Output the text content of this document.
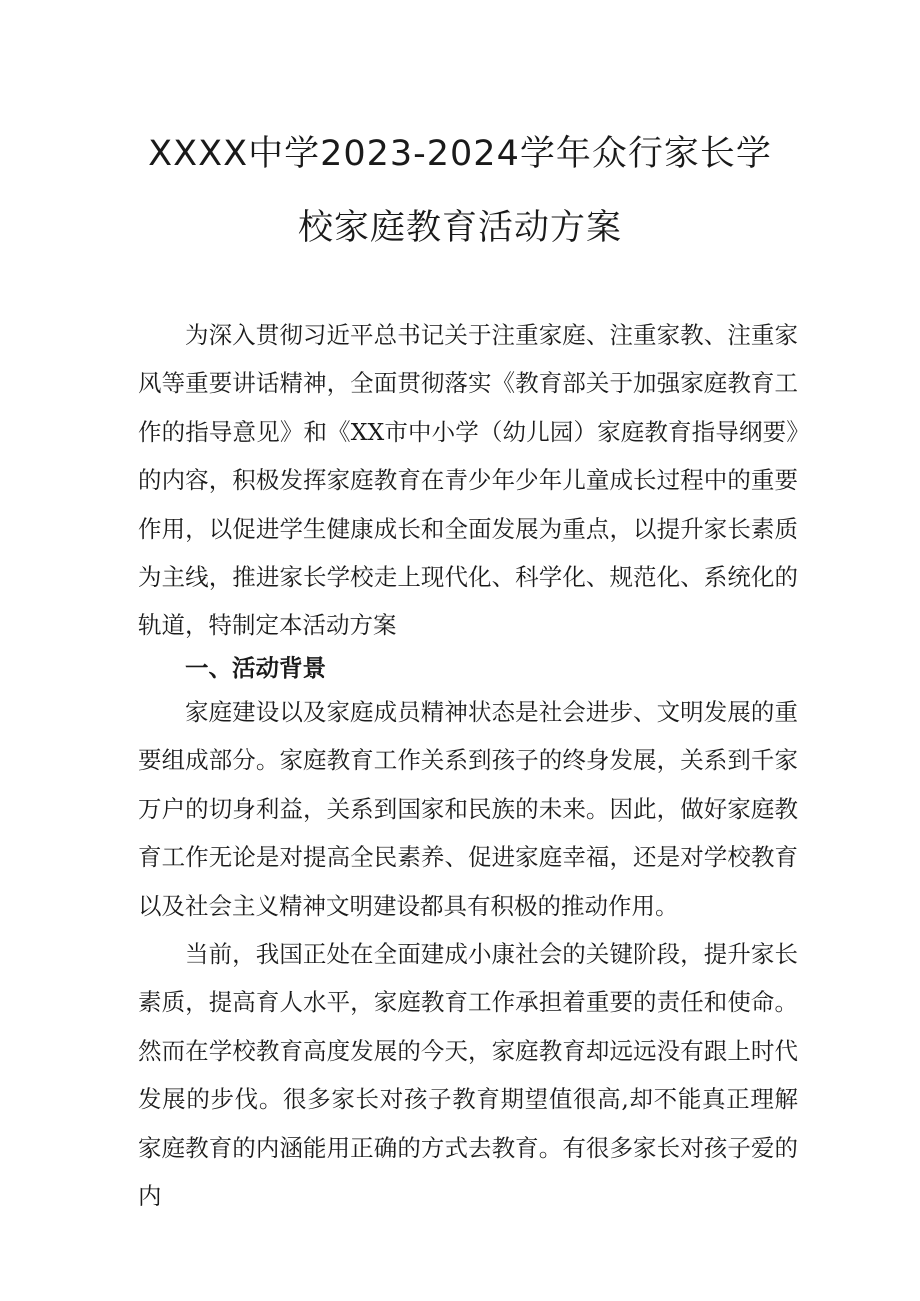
XXXX中学2023-2024学年众行家长学
校家庭教育活动方案

为深入贯彻习近平总书记关于注重家庭、注重家教、注重家风等重要讲话精神，全面贯彻落实《教育部关于加强家庭教育工作的指导意见》和《XX市中小学（幼儿园）家庭教育指导纲要》的内容，积极发挥家庭教育在青少年少年儿童成长过程中的重要作用，以促进学生健康成长和全面发展为重点，以提升家长素质为主线，推进家长学校走上现代化、科学化、规范化、系统化的轨道，特制定本活动方案

一、活动背景

家庭建设以及家庭成员精神状态是社会进步、文明发展的重要组成部分。家庭教育工作关系到孩子的终身发展，关系到千家万户的切身利益，关系到国家和民族的未来。因此，做好家庭教育工作无论是对提高全民素养、促进家庭幸福，还是对学校教育以及社会主义精神文明建设都具有积极的推动作用。

当前，我国正处在全面建成小康社会的关键阶段，提升家长素质，提高育人水平，家庭教育工作承担着重要的责任和使命。然而在学校教育高度发展的今天，家庭教育却远远没有跟上时代发展的步伐。很多家长对孩子教育期望值很高,却不能真正理解家庭教育的内涵能用正确的方式去教育。有很多家长对孩子爱的内
